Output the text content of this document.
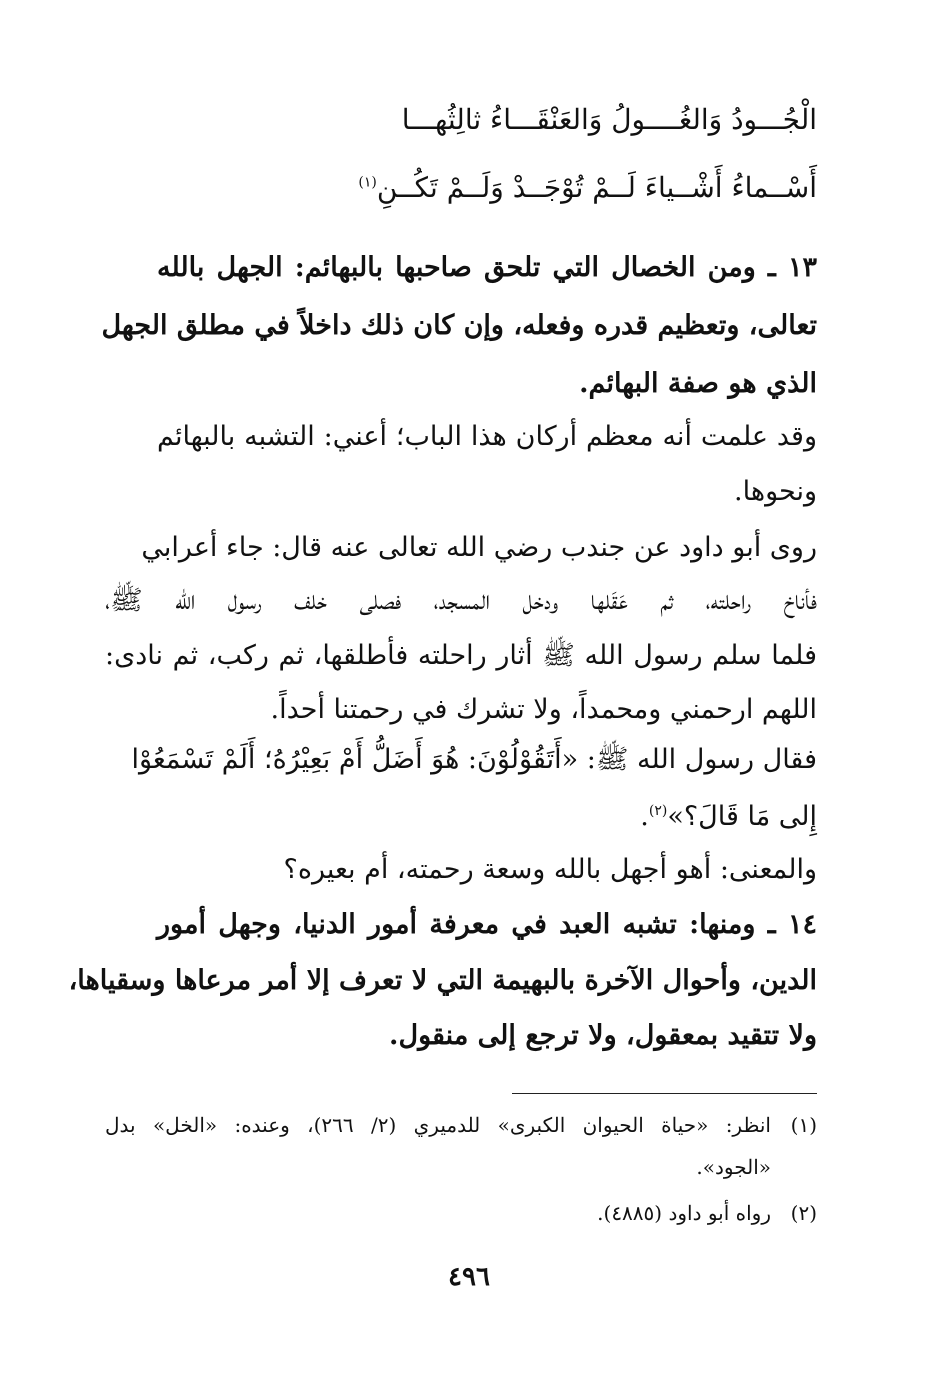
الْجُـــودُ وَالغُــــولُ وَالعَنْقَـــاءُ ثالِثُهـــا
أَسْــماءُ أَشْــياءَ لَــمْ تُوْجَــدْ وَلَــمْ تَكُــنِ$^{(١)}$
١٣ ـ ومن الخصال التي تلحق صاحبها بالبهائم: الجهل بالله
تعالى، وتعظيم قدره وفعله، وإن كان ذلك داخلاً في مطلق الجهل
الذي هو صفة البهائم.
وقد علمت أنه معظم أركان هذا الباب؛ أعني: التشبه بالبهائم
ونحوها.
روى أبو داود عن جندب رضي الله تعالى عنه قال: جاء أعرابي
فأناخ راحلته، ثم عَقَلها ودخل المسجد، فصلى خلف رسول الله ﷺ،
فلما سلم رسول الله ﷺ أثار راحلته فأطلقها، ثم ركب، ثم نادى:
اللهم ارحمني ومحمداً، ولا تشرك في رحمتنا أحداً.
فقال رسول الله ﷺ: «أَتَقُوْلُوْنَ: هُوَ أَضَلُّ أَمْ بَعِيْرُهُ؛ أَلَمْ تَسْمَعُوْا
إِلى مَا قَالَ؟»$^{(٢)}$.
والمعنى: أهو أجهل بالله وسعة رحمته، أم بعيره؟
١٤ ـ ومنها: تشبه العبد في معرفة أمور الدنيا، وجهل أمور
الدين، وأحوال الآخرة بالبهيمة التي لا تعرف إلا أمر مرعاها وسقياها،
ولا تتقيد بمعقول، ولا ترجع إلى منقول.
(١)انظر: «حياة الحيوان الكبرى» للدميري (٢/ ٢٦٦)، وعنده: «الخل» بدل
«الجود».
(٢)رواه أبو داود (٤٨٨٥).
٤٩٦
